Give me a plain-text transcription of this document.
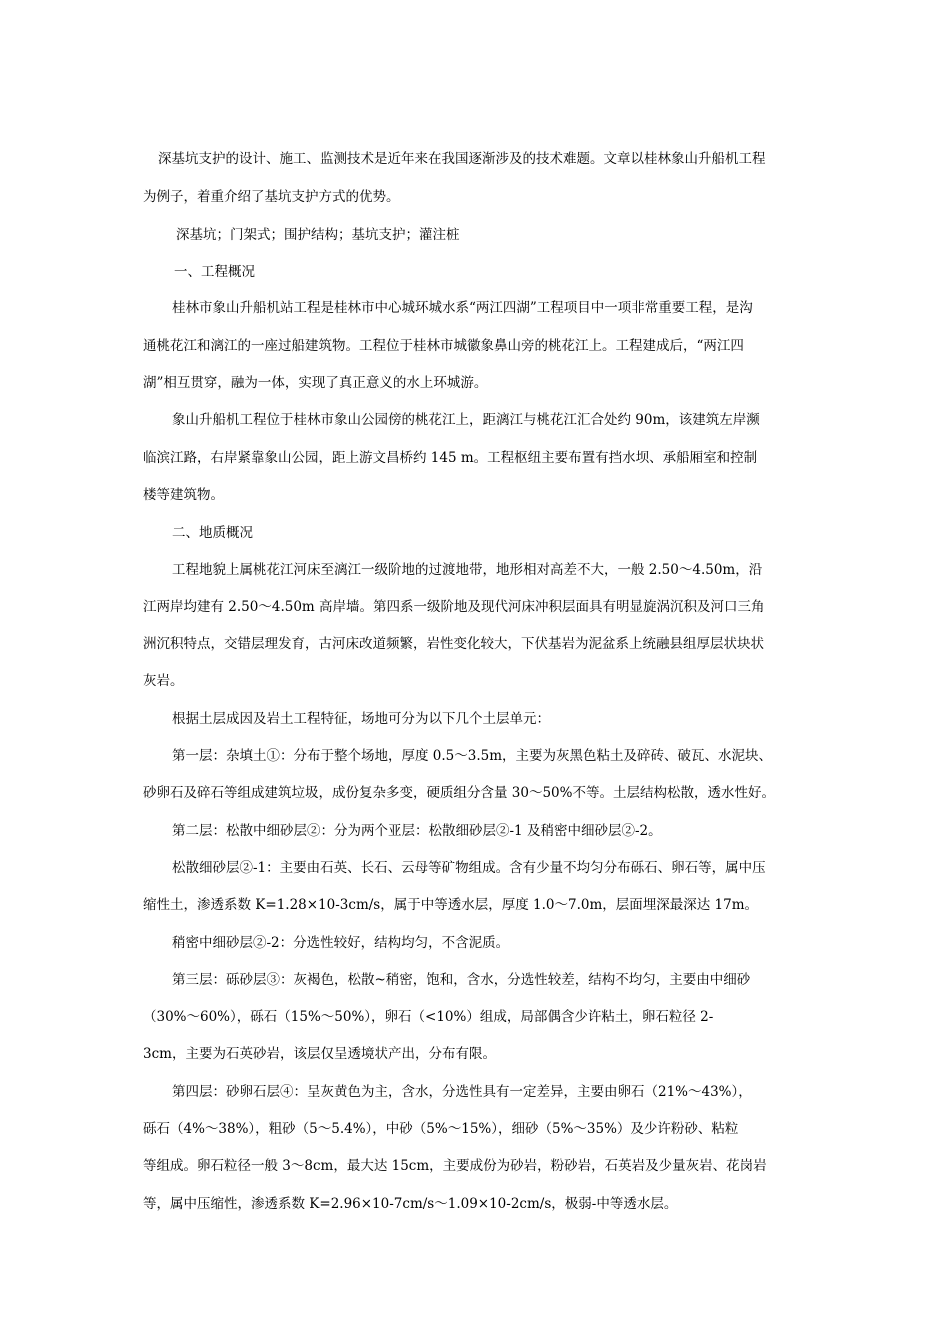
深基坑支护的设计、施工、监测技术是近年来在我国逐渐涉及的技术难题。文章以桂林象山升船机工程
为例子，着重介绍了基坑支护方式的优势。
深基坑；门架式；围护结构；基坑支护；灌注桩
一、工程概况
桂林市象山升船机站工程是桂林市中心城环城水系“两江四湖”工程项目中一项非常重要工程，是沟
通桃花江和漓江的一座过船建筑物。工程位于桂林市城徽象鼻山旁的桃花江上。工程建成后，“两江四
湖”相互贯穿，融为一体，实现了真正意义的水上环城游。
象山升船机工程位于桂林市象山公园傍的桃花江上，距漓江与桃花江汇合处约 90m，该建筑左岸濒
临滨江路，右岸紧靠象山公园，距上游文昌桥约 145 m。工程枢纽主要布置有挡水坝、承船厢室和控制
楼等建筑物。
二、地质概况
工程地貌上属桃花江河床至漓江一级阶地的过渡地带，地形相对高差不大，一般 2.50～4.50m，沿
江两岸均建有 2.50～4.50m 高岸墙。第四系一级阶地及现代河床冲积层面具有明显旋涡沉积及河口三角
洲沉积特点，交错层理发育，古河床改道频繁，岩性变化较大，下伏基岩为泥盆系上统融县组厚层状块状
灰岩。
根据土层成因及岩土工程特征，场地可分为以下几个土层单元：
第一层：杂填土①：分布于整个场地，厚度 0.5～3.5m，主要为灰黑色粘土及碎砖、破瓦、水泥块、
砂卵石及碎石等组成建筑垃圾，成份复杂多变，硬质组分含量 30～50%不等。土层结构松散，透水性好。
第二层：松散中细砂层②：分为两个亚层：松散细砂层②-1 及稍密中细砂层②-2。
松散细砂层②-1：主要由石英、长石、云母等矿物组成。含有少量不均匀分布砾石、卵石等，属中压
缩性土，渗透系数 K=1.28×10-3cm/s，属于中等透水层，厚度 1.0～7.0m，层面埋深最深达 17m。
稍密中细砂层②-2：分选性较好，结构均匀，不含泥质。
第三层：砾砂层③：灰褐色，松散~稍密，饱和，含水，分选性较差，结构不均匀，主要由中细砂
（30%～60%），砾石（15%～50%），卵石（<10%）组成，局部偶含少许粘土，卵石粒径 2-
3cm，主要为石英砂岩，该层仅呈透境状产出，分布有限。
第四层：砂卵石层④：呈灰黄色为主，含水，分选性具有一定差异，主要由卵石（21%～43%），
砾石（4%～38%），粗砂（5～5.4%），中砂（5%～15%），细砂（5%～35%）及少许粉砂、粘粒
等组成。卵石粒径一般 3～8cm，最大达 15cm，主要成份为砂岩，粉砂岩，石英岩及少量灰岩、花岗岩
等，属中压缩性，渗透系数 K=2.96×10-7cm/s～1.09×10-2cm/s，极弱-中等透水层。
